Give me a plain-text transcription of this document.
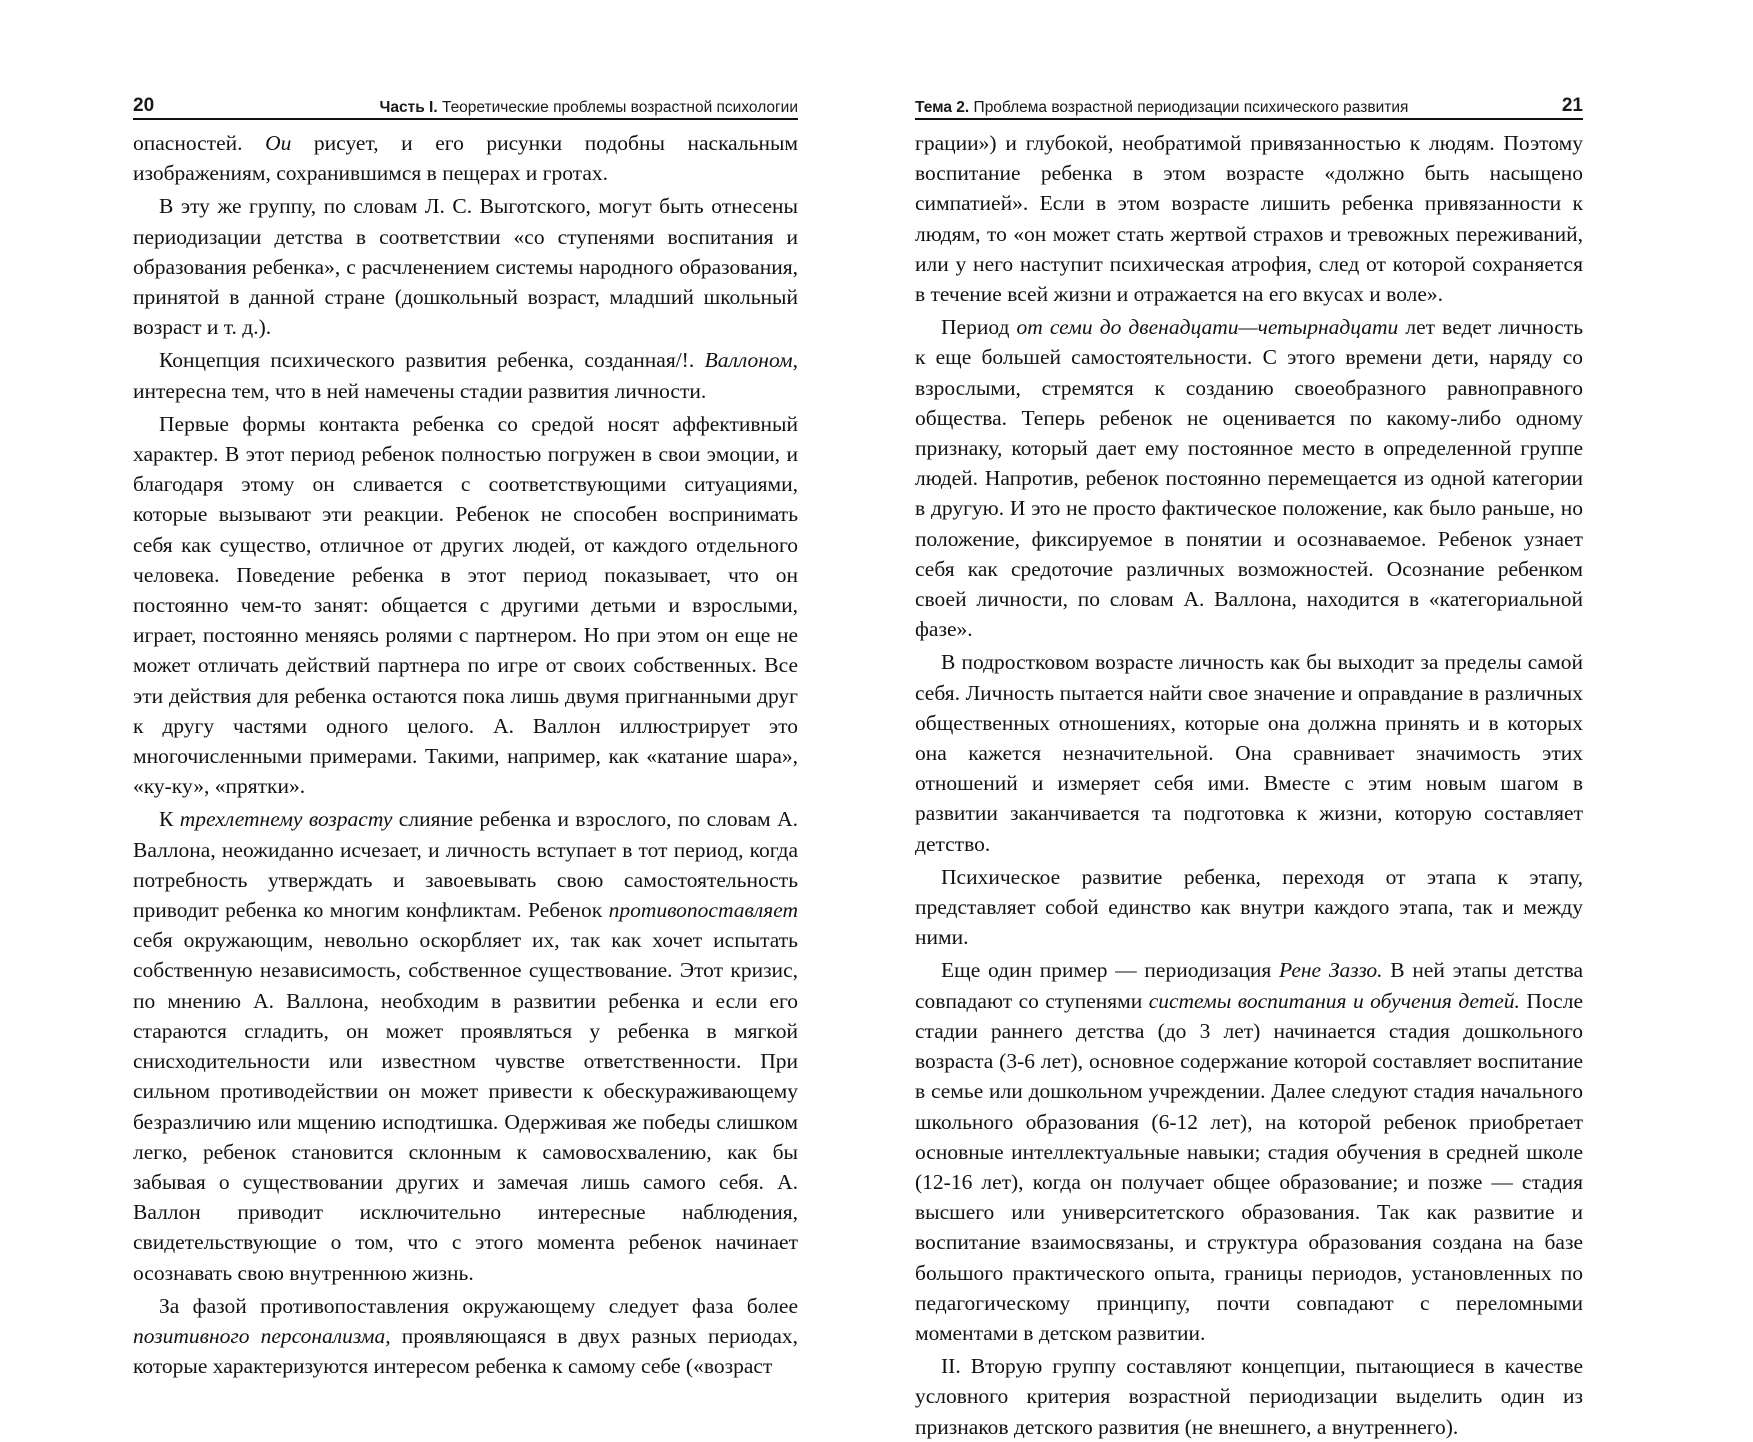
20	Часть I. Теоретические проблемы возрастной психологии

опасностей. Ои рисует, и его рисунки подобны наскальным изображениям, сохранившимся в пещерах и гротах.

В эту же группу, по словам Л. С. Выготского, могут быть отнесены периодизации детства в соответствии «со ступенями воспитания и образования ребенка», с расчленением системы народного образования, принятой в данной стране (дошкольный возраст, младший школьный возраст и т. д.).

Концепция психического развития ребенка, созданная/!. Валлоном, интересна тем, что в ней намечены стадии развития личности.

Первые формы контакта ребенка со средой носят аффективный характер. В этот период ребенок полностью погружен в свои эмоции, и благодаря этому он сливается с соответствующими ситуациями, которые вызывают эти реакции. Ребенок не способен воспринимать себя как существо, отличное от других людей, от каждого отдельного человека. Поведение ребенка в этот период показывает, что он постоянно чем-то занят: общается с другими детьми и взрослыми, играет, постоянно меняясь ролями с партнером. Но при этом он еще не может отличать действий партнера по игре от своих собственных. Все эти действия для ребенка остаются пока лишь двумя пригнанными друг к другу частями одного целого. А. Валлон иллюстрирует это многочисленными примерами. Такими, например, как «катание шара», «ку-ку», «прятки».

К трехлетнему возрасту слияние ребенка и взрослого, по словам А. Валлона, неожиданно исчезает, и личность вступает в тот период, когда потребность утверждать и завоевывать свою самостоятельность приводит ребенка ко многим конфликтам. Ребенок противопоставляет себя окружающим, невольно оскорбляет их, так как хочет испытать собственную независимость, собственное существование. Этот кризис, по мнению А. Валлона, необходим в развитии ребенка и если его стараются сгладить, он может проявляться у ребенка в мягкой снисходительности или известном чувстве ответственности. При сильном противодействии он может привести к обескураживающему безразличию или мщению исподтишка. Одерживая же победы слишком легко, ребенок становится склонным к самовосхвалению, как бы забывая о существовании других и замечая лишь самого себя. А. Валлон приводит исключительно интересные наблюдения, свидетельствующие о том, что с этого момента ребенок начинает осознавать свою внутреннюю жизнь.

За фазой противопоставления окружающему следует фаза более позитивного персонализма, проявляющаяся в двух разных периодах, которые характеризуются интересом ребенка к самому себе («возраст

Тема 2. Проблема возрастной периодизации психического развития	21

грации») и глубокой, необратимой привязанностью к людям. Поэтому воспитание ребенка в этом возрасте «должно быть насыщено симпатией». Если в этом возрасте лишить ребенка привязанности к людям, то «он может стать жертвой страхов и тревожных переживаний, или у него наступит психическая атрофия, след от которой сохраняется в течение всей жизни и отражается на его вкусах и воле».

Период от семи до двенадцати—четырнадцати лет ведет личность к еще большей самостоятельности. С этого времени дети, наряду со взрослыми, стремятся к созданию своеобразного равноправного общества. Теперь ребенок не оценивается по какому-либо одному признаку, который дает ему постоянное место в определенной группе людей. Напротив, ребенок постоянно перемещается из одной категории в другую. И это не просто фактическое положение, как было раньше, но положение, фиксируемое в понятии и осознаваемое. Ребенок узнает себя как средоточие различных возможностей. Осознание ребенком своей личности, по словам А. Валлона, находится в «категориальной фазе».

В подростковом возрасте личность как бы выходит за пределы самой себя. Личность пытается найти свое значение и оправдание в различных общественных отношениях, которые она должна принять и в которых она кажется незначительной. Она сравнивает значимость этих отношений и измеряет себя ими. Вместе с этим новым шагом в развитии заканчивается та подготовка к жизни, которую составляет детство.

Психическое развитие ребенка, переходя от этапа к этапу, представляет собой единство как внутри каждого этапа, так и между ними.

Еще один пример — периодизация Рене Заззо. В ней этапы детства совпадают со ступенями системы воспитания и обучения детей. После стадии раннего детства (до 3 лет) начинается стадия дошкольного возраста (3-6 лет), основное содержание которой составляет воспитание в семье или дошкольном учреждении. Далее следуют стадия начального школьного образования (6-12 лет), на которой ребенок приобретает основные интеллектуальные навыки; стадия обучения в средней школе (12-16 лет), когда он получает общее образование; и позже — стадия высшего или университетского образования. Так как развитие и воспитание взаимосвязаны, и структура образования создана на базе большого практического опыта, границы периодов, установленных по педагогическому принципу, почти совпадают с переломными моментами в детском развитии.

II. Вторую группу составляют концепции, пытающиеся в качестве условного критерия возрастной периодизации выделить один из признаков детского развития (не внешнего, а внутреннего).
